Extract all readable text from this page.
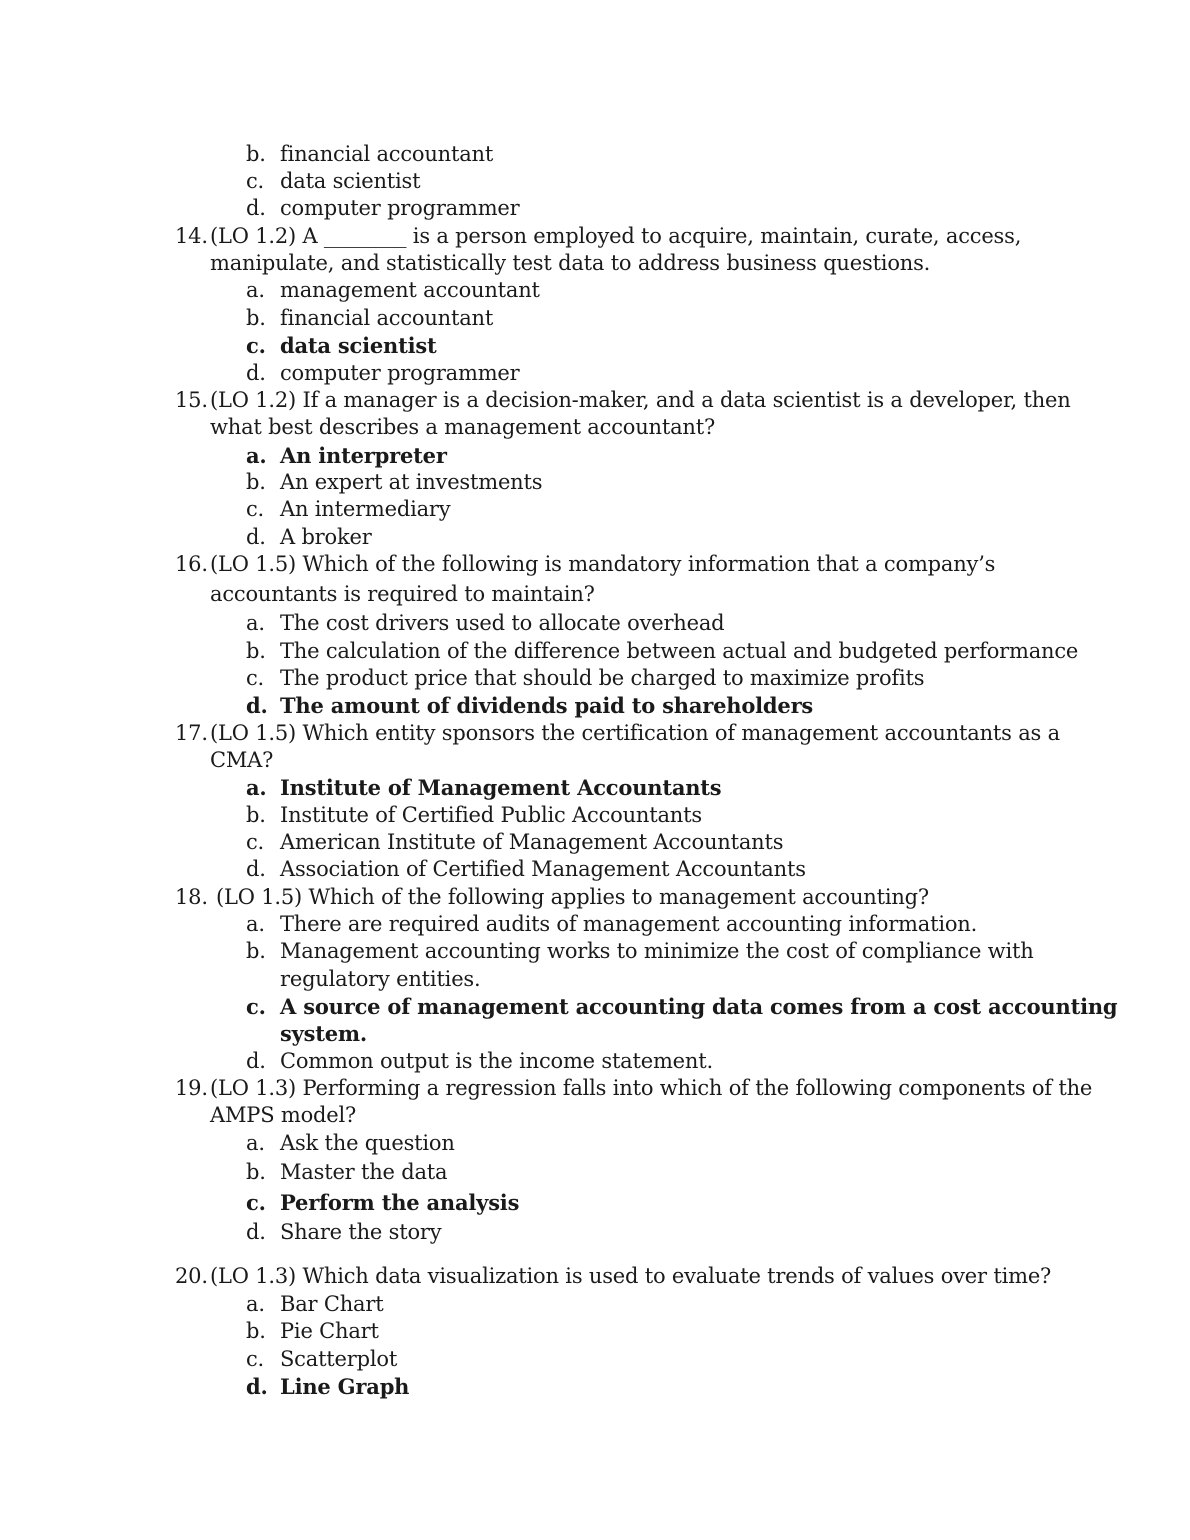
b. financial accountant
c. data scientist
d. computer programmer
14. (LO 1.2) A ________ is a person employed to acquire, maintain, curate, access,
manipulate, and statistically test data to address business questions.
a. management accountant
b. financial accountant
c. data scientist
d. computer programmer
15. (LO 1.2) If a manager is a decision-maker, and a data scientist is a developer, then
what best describes a management accountant?
a. An interpreter
b. An expert at investments
c. An intermediary
d. A broker
16. (LO 1.5) Which of the following is mandatory information that a company’s
accountants is required to maintain?
a. The cost drivers used to allocate overhead
b. The calculation of the difference between actual and budgeted performance
c. The product price that should be charged to maximize profits
d. The amount of dividends paid to shareholders
17. (LO 1.5) Which entity sponsors the certification of management accountants as a
CMA?
a. Institute of Management Accountants
b. Institute of Certified Public Accountants
c. American Institute of Management Accountants
d. Association of Certified Management Accountants
18. (LO 1.5) Which of the following applies to management accounting?
a. There are required audits of management accounting information.
b. Management accounting works to minimize the cost of compliance with
regulatory entities.
c. A source of management accounting data comes from a cost accounting
system.
d. Common output is the income statement.
19. (LO 1.3) Performing a regression falls into which of the following components of the
AMPS model?
a. Ask the question
b. Master the data
c. Perform the analysis
d. Share the story
20. (LO 1.3) Which data visualization is used to evaluate trends of values over time?
a. Bar Chart
b. Pie Chart
c. Scatterplot
d. Line Graph
